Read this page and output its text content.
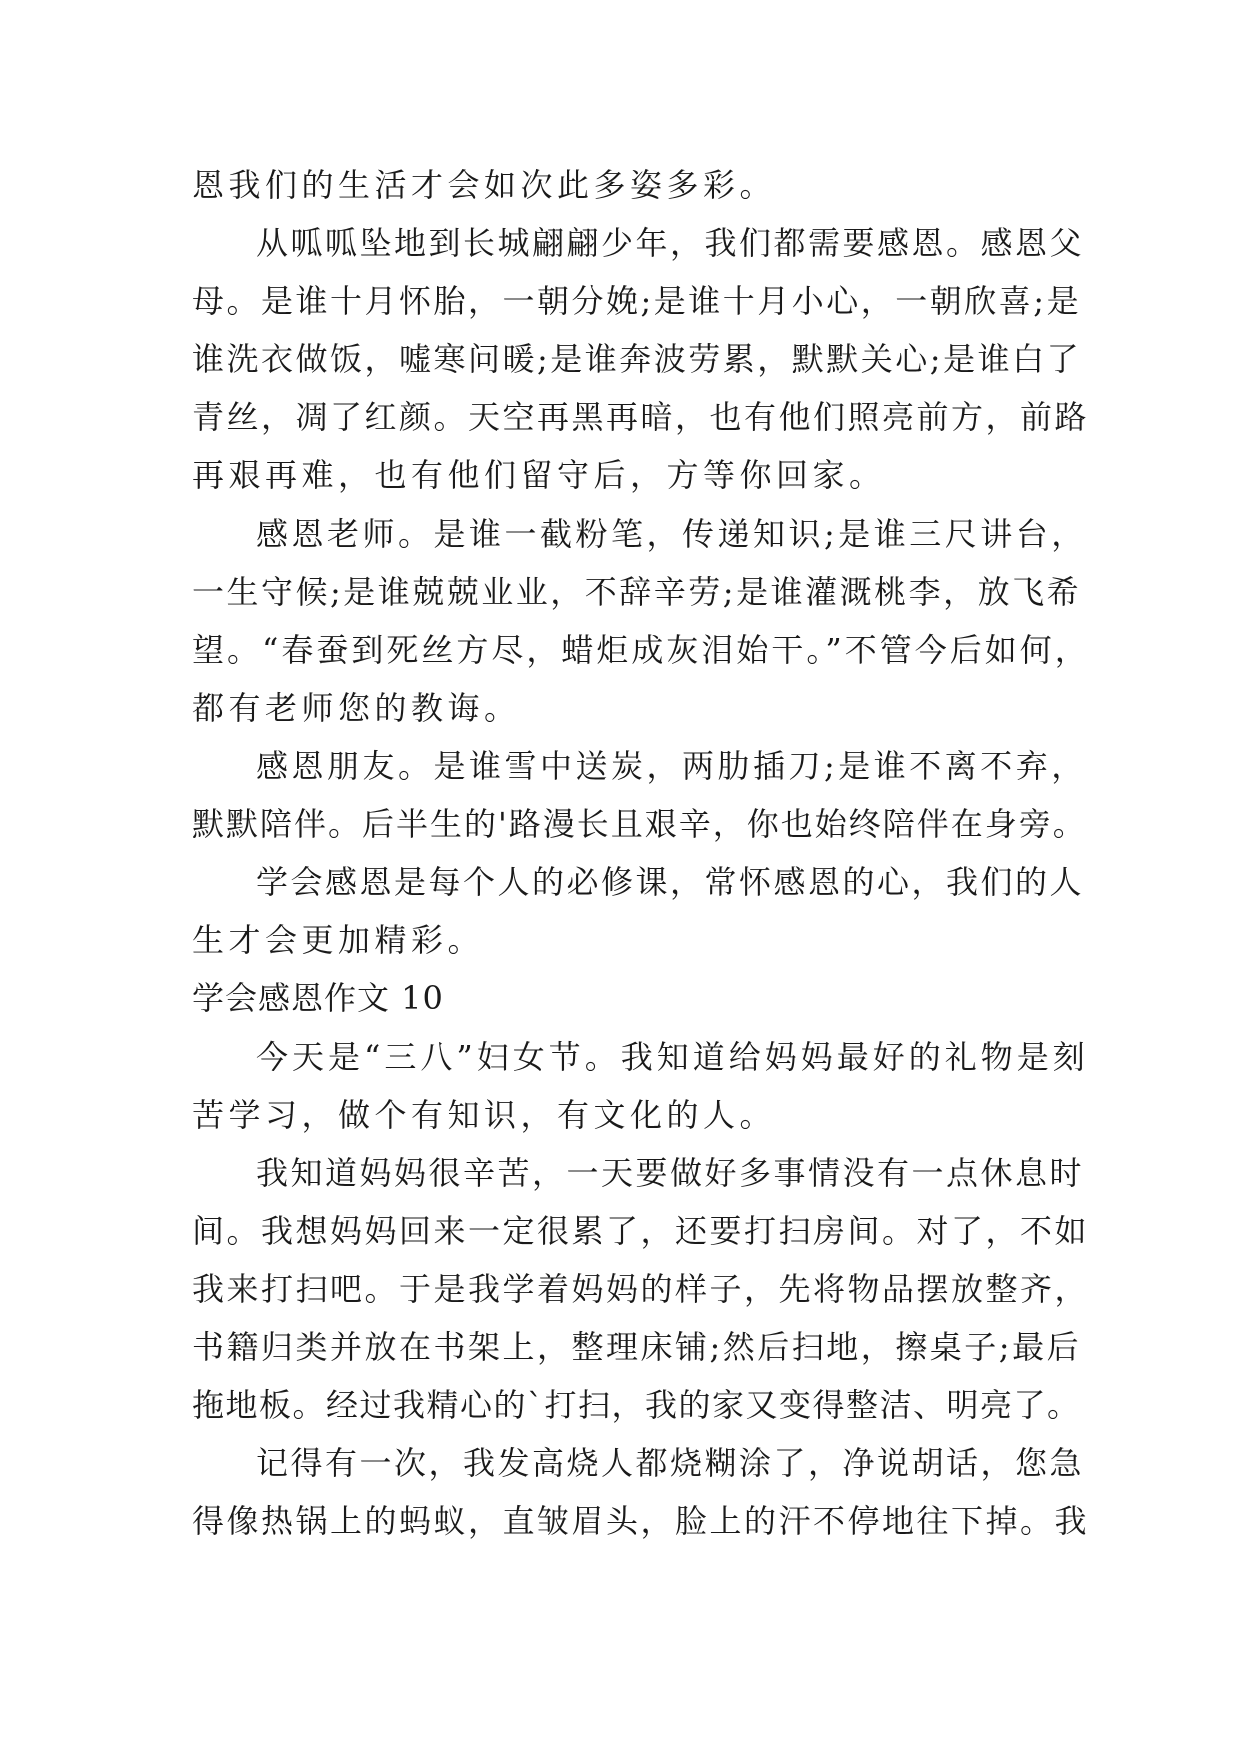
恩我们的生活才会如次此多姿多彩。
从呱呱坠地到长城翩翩少年，我们都需要感恩。感恩父
母。是谁十月怀胎，一朝分娩;是谁十月小心，一朝欣喜;是
谁洗衣做饭，嘘寒问暖;是谁奔波劳累，默默关心;是谁白了
青丝，凋了红颜。天空再黑再暗，也有他们照亮前方，前路
再艰再难，也有他们留守后，方等你回家。
感恩老师。是谁一截粉笔，传递知识;是谁三尺讲台，
一生守候;是谁兢兢业业，不辞辛劳;是谁灌溉桃李，放飞希
望。“春蚕到死丝方尽，蜡炬成灰泪始干。”不管今后如何，
都有老师您的教诲。
感恩朋友。是谁雪中送炭，两肋插刀;是谁不离不弃，
默默陪伴。后半生的'路漫长且艰辛，你也始终陪伴在身旁。
学会感恩是每个人的必修课，常怀感恩的心，我们的人
生才会更加精彩。
学会感恩作文 10
今天是“三八”妇女节。我知道给妈妈最好的礼物是刻
苦学习，做个有知识，有文化的人。
我知道妈妈很辛苦，一天要做好多事情没有一点休息时
间。我想妈妈回来一定很累了，还要打扫房间。对了，不如
我来打扫吧。于是我学着妈妈的样子，先将物品摆放整齐，
书籍归类并放在书架上，整理床铺;然后扫地，擦桌子;最后
拖地板。经过我精心的`打扫，我的家又变得整洁、明亮了。
记得有一次，我发高烧人都烧糊涂了，净说胡话，您急
得像热锅上的蚂蚁，直皱眉头，脸上的汗不停地往下掉。我
